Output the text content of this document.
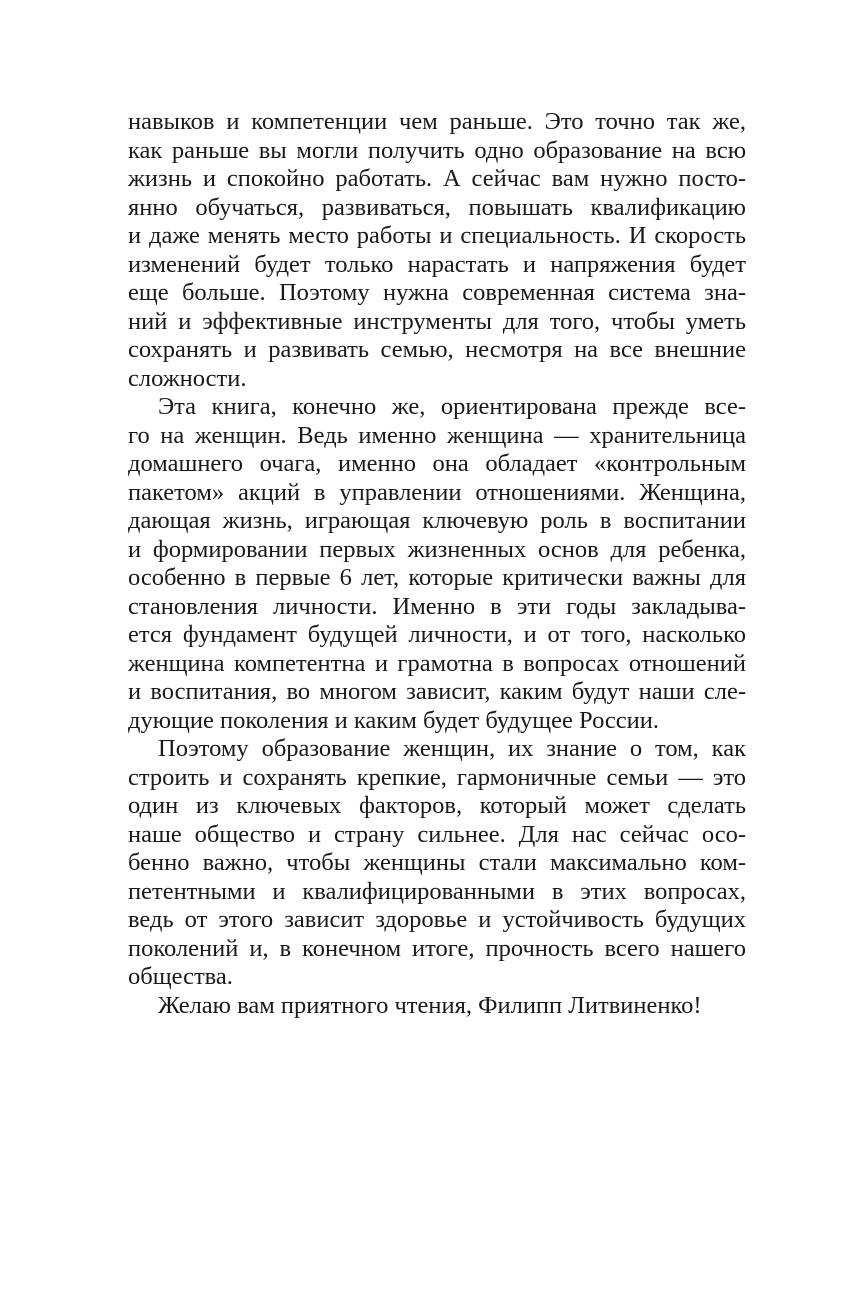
навыков и компетенции чем раньше. Это точно так же,
как раньше вы могли получить одно образование на всю
жизнь и спокойно работать. А сейчас вам нужно посто-
янно обучаться, развиваться, повышать квалификацию
и даже менять место работы и специальность. И скорость
изменений будет только нарастать и напряжения будет
еще больше. Поэтому нужна современная система зна-
ний и эффективные инструменты для того, чтобы уметь
сохранять и развивать семью, несмотря на все внешние
сложности.
Эта книга, конечно же, ориентирована прежде все-
го на женщин. Ведь именно женщина — хранительница
домашнего очага, именно она обладает «контрольным
пакетом» акций в управлении отношениями. Женщина,
дающая жизнь, играющая ключевую роль в воспитании
и формировании первых жизненных основ для ребенка,
особенно в первые 6 лет, которые критически важны для
становления личности. Именно в эти годы закладыва-
ется фундамент будущей личности, и от того, насколько
женщина компетентна и грамотна в вопросах отношений
и воспитания, во многом зависит, каким будут наши сле-
дующие поколения и каким будет будущее России.
Поэтому образование женщин, их знание о том, как
строить и сохранять крепкие, гармоничные семьи — это
один из ключевых факторов, который может сделать
наше общество и страну сильнее. Для нас сейчас осо-
бенно важно, чтобы женщины стали максимально ком-
петентными и квалифицированными в этих вопросах,
ведь от этого зависит здоровье и устойчивость будущих
поколений и, в конечном итоге, прочность всего нашего
общества.
Желаю вам приятного чтения, Филипп Литвиненко!
